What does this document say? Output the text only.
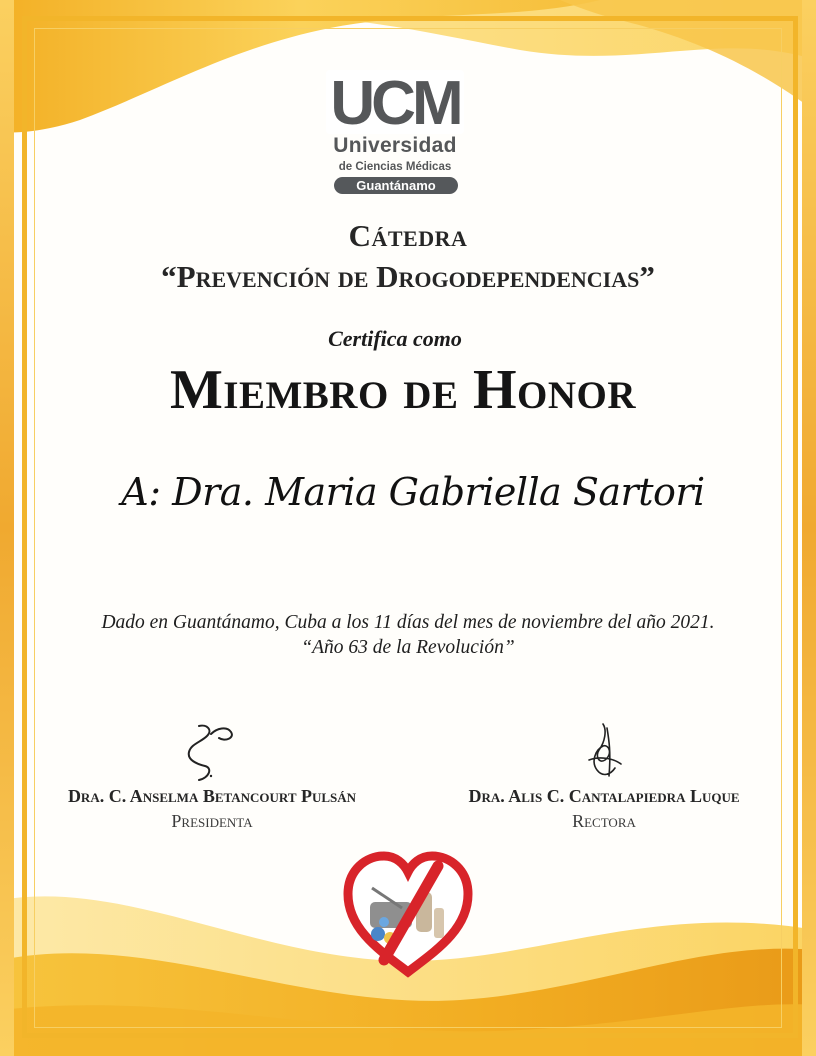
UCM
Universidad
de Ciencias Médicas
Guantánamo
Cátedra
“Prevención de Drogodependencias”
Certifica como
Miembro de Honor
A: Dra. Maria Gabriella Sartori
Dado en Guantánamo, Cuba a los 11 días del mes de noviembre del año 2021.
“Año 63 de la Revolución”
Dra. C. Anselma Betancourt Pulsán
Presidenta
Dra. Alis C. Cantalapiedra Luque
Rectora
